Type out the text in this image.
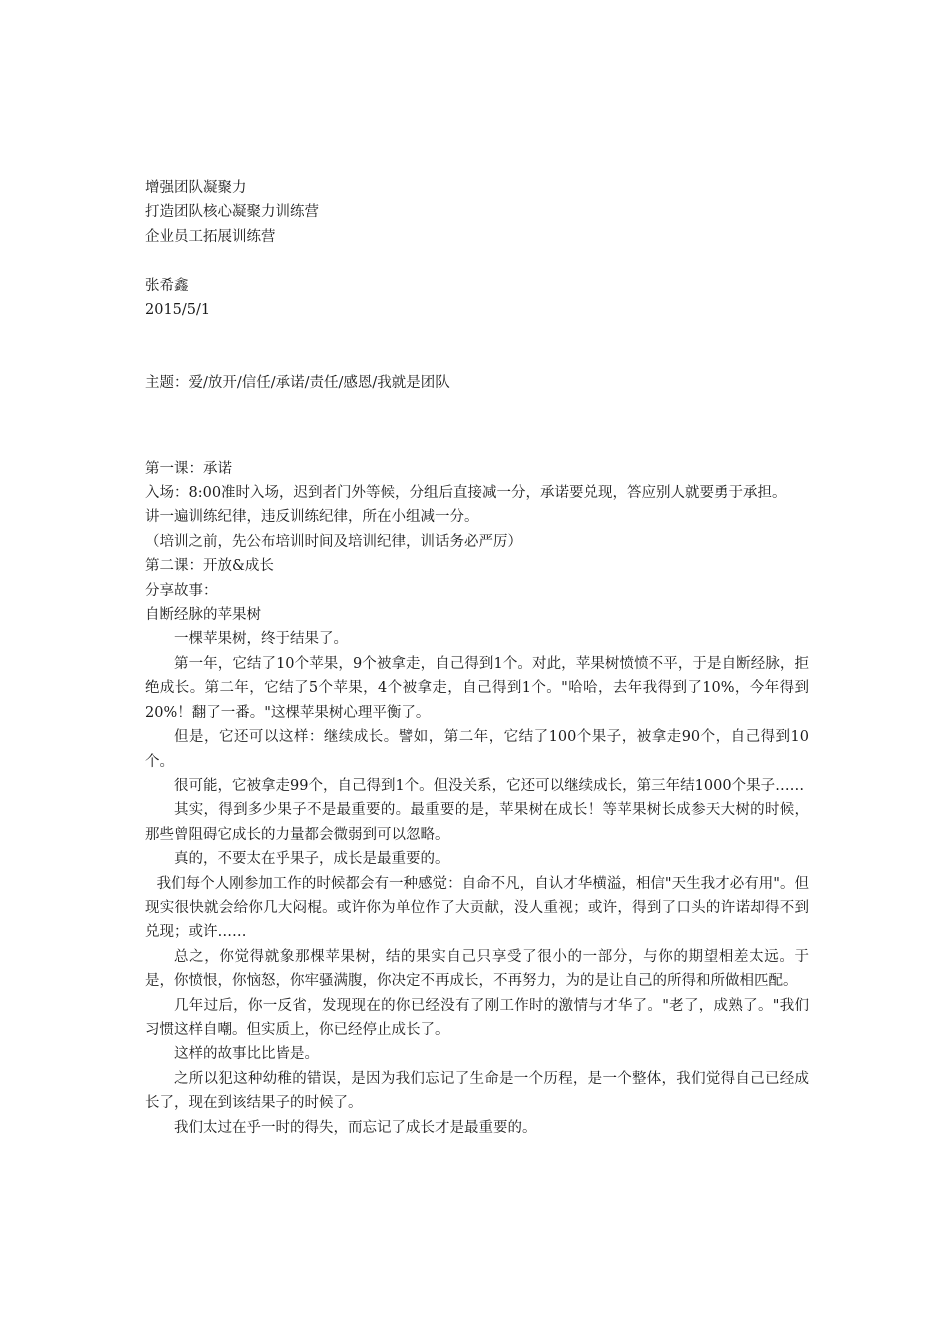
增强团队凝聚力
打造团队核心凝聚力训练营
企业员工拓展训练营
张希鑫
2015/5/1
主题：爱/放开/信任/承诺/责任/感恩/我就是团队
第一课：承诺
入场：8:00准时入场，迟到者门外等候，分组后直接减一分，承诺要兑现，答应别人就要勇于承担。
讲一遍训练纪律，违反训练纪律，所在小组减一分。
（培训之前，先公布培训时间及培训纪律，训话务必严厉）
第二课：开放&成长
分享故事：
自断经脉的苹果树
一棵苹果树，终于结果了。
第一年，它结了10个苹果，9个被拿走，自己得到1个。对此，苹果树愤愤不平，于是自断经脉，拒绝成长。第二年，它结了5个苹果，4个被拿走，自己得到1个。"哈哈，去年我得到了10%，今年得到20%！翻了一番。"这棵苹果树心理平衡了。
但是，它还可以这样：继续成长。譬如，第二年，它结了100个果子，被拿走90个，自己得到10个。
很可能，它被拿走99个，自己得到1个。但没关系，它还可以继续成长，第三年结1000个果子……
其实，得到多少果子不是最重要的。最重要的是，苹果树在成长！等苹果树长成参天大树的时候，那些曾阻碍它成长的力量都会微弱到可以忽略。
真的，不要太在乎果子，成长是最重要的。
我们每个人刚参加工作的时候都会有一种感觉：自命不凡，自认才华横溢，相信"天生我才必有用"。但现实很快就会给你几大闷棍。或许你为单位作了大贡献，没人重视；或许，得到了口头的许诺却得不到兑现；或许……
总之，你觉得就象那棵苹果树，结的果实自己只享受了很小的一部分，与你的期望相差太远。于是，你愤恨，你恼怒，你牢骚满腹，你决定不再成长，不再努力，为的是让自己的所得和所做相匹配。
几年过后，你一反省，发现现在的你已经没有了刚工作时的激情与才华了。"老了，成熟了。"我们习惯这样自嘲。但实质上，你已经停止成长了。
这样的故事比比皆是。
之所以犯这种幼稚的错误，是因为我们忘记了生命是一个历程，是一个整体，我们觉得自己已经成长了，现在到该结果子的时候了。
我们太过在乎一时的得失，而忘记了成长才是最重要的。
